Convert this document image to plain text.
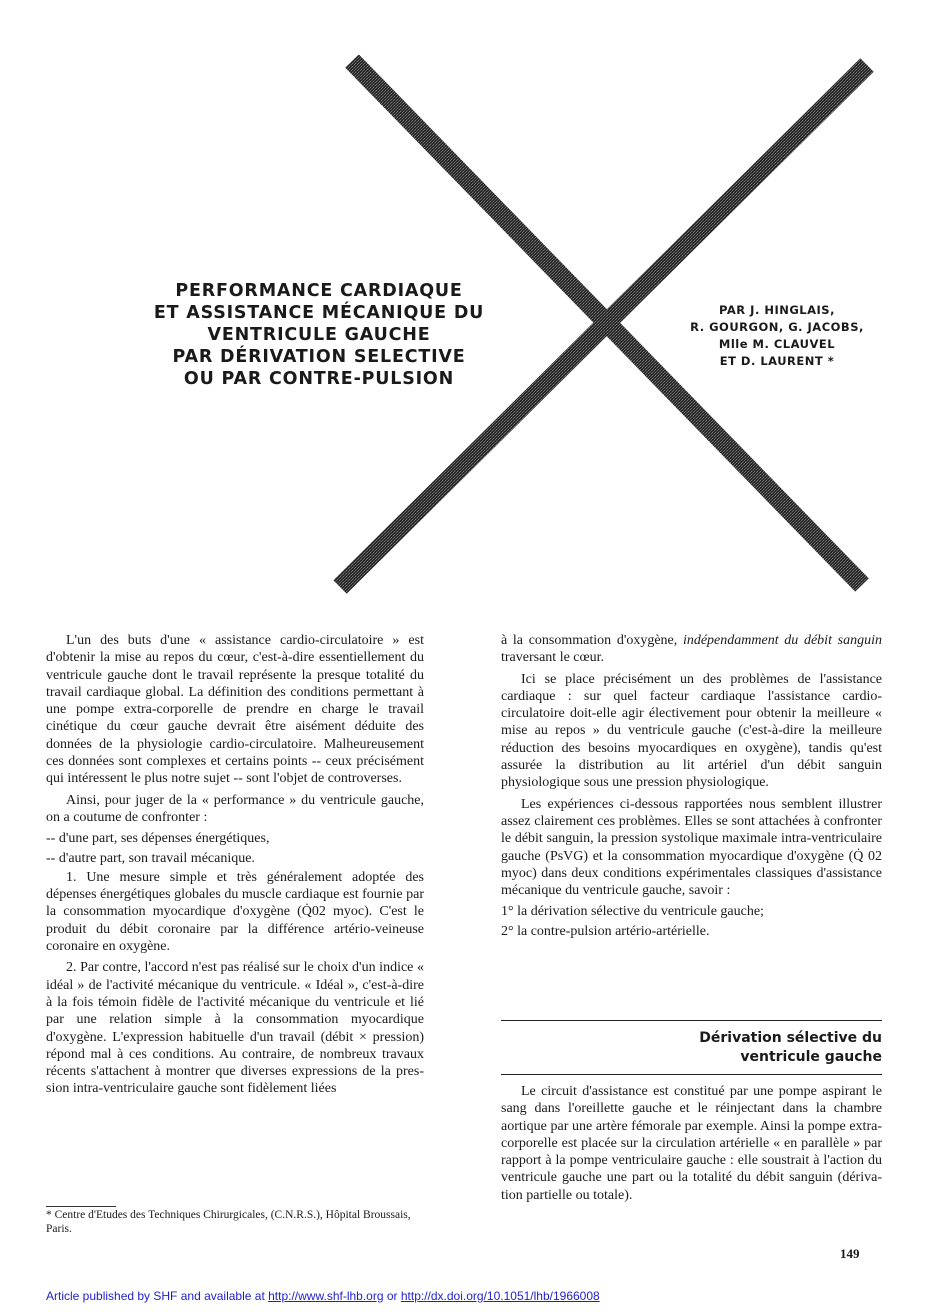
PERFORMANCE CARDIAQUE
ET ASSISTANCE MÉCANIQUE DU
VENTRICULE GAUCHE
PAR DÉRIVATION SELECTIVE
OU PAR CONTRE-PULSION
PAR J. HINGLAIS,
R. GOURGON, G. JACOBS,
Mlle M. CLAUVEL
ET D. LAURENT *

L'un des buts d'une « assistance cardio-circulatoire » est d'obtenir la mise au repos du cœur, c'est-à-dire essentiellement du ventricule gauche dont le travail représente la presque totalité du travail cardiaque global. La définition des conditions permettant à une pompe extra-corporelle de prendre en charge le travail cinétique du cœur gauche devrait être aisément déduite des données de la physiologie cardio-circulatoire. Malheureusement ces données sont complexes et certains points -- ceux précisément qui intéressent le plus notre sujet -- sont l'objet de controverses.

Ainsi, pour juger de la « performance » du ventricule gauche, on a coutume de confronter :

-- d'une part, ses dépenses énergétiques,
-- d'autre part, son travail mécanique.

1. Une mesure simple et très généralement adoptée des dépenses énergétiques globales du muscle cardiaque est fournie par la consommation myocardique d'oxygène (Q̇02 myoc). C'est le produit du débit coronaire par la différence artério-veineuse coronaire en oxygène.

2. Par contre, l'accord n'est pas réalisé sur le choix d'un indice « idéal » de l'activité mécanique du ventricule. « Idéal », c'est-à-dire à la fois témoin fidèle de l'activité mécanique du ventricule et lié par une relation simple à la consommation myocardique d'oxygène. L'expression habituelle d'un travail (débit × pression) répond mal à ces conditions. Au contraire, de nombreux travaux récents s'attachent à montrer que diverses expressions de la pression intra-ventriculaire gauche sont fidèlement liées

* Centre d'Etudes des Techniques Chirurgicales, (C.N.R.S.), Hôpital Broussais, Paris.

à la consommation d'oxygène, indépendamment du débit sanguin traversant le cœur.

Ici se place précisément un des problèmes de l'assistance cardiaque : sur quel facteur cardiaque l'assistance cardio-circulatoire doit-elle agir électivement pour obtenir la meilleure « mise au repos » du ventricule gauche (c'est-à-dire la meilleure réduction des besoins myocardiques en oxygène), tandis qu'est assurée la distribution au lit artériel d'un débit sanguin physiologique sous une pression physiologique.

Les expériences ci-dessous rapportées nous semblent illustrer assez clairement ces problèmes. Elles se sont attachées à confronter le débit sanguin, la pression systolique maximale intra-ventriculaire gauche (PsVG) et la consommation myocardique d'oxygène (Q̇ 02 myoc) dans deux conditions expérimentales classiques d'assistance mécanique du ventricule gauche, savoir :

1° la dérivation sélective du ventricule gauche;
2° la contre-pulsion artério-artérielle.
Dérivation sélective du
ventricule gauche

Le circuit d'assistance est constitué par une pompe aspirant le sang dans l'oreillette gauche et le réinjectant dans la chambre aortique par une artère fémorale par exemple. Ainsi la pompe extracorporelle est placée sur la circulation artérielle « en parallèle » par rapport à la pompe ventriculaire gauche : elle soustrait à l'action du ventricule gauche une part ou la totalité du débit sanguin (dérivation partielle ou totale).

149
Article published by SHF and available at http://www.shf-lhb.org or http://dx.doi.org/10.1051/lhb/1966008
